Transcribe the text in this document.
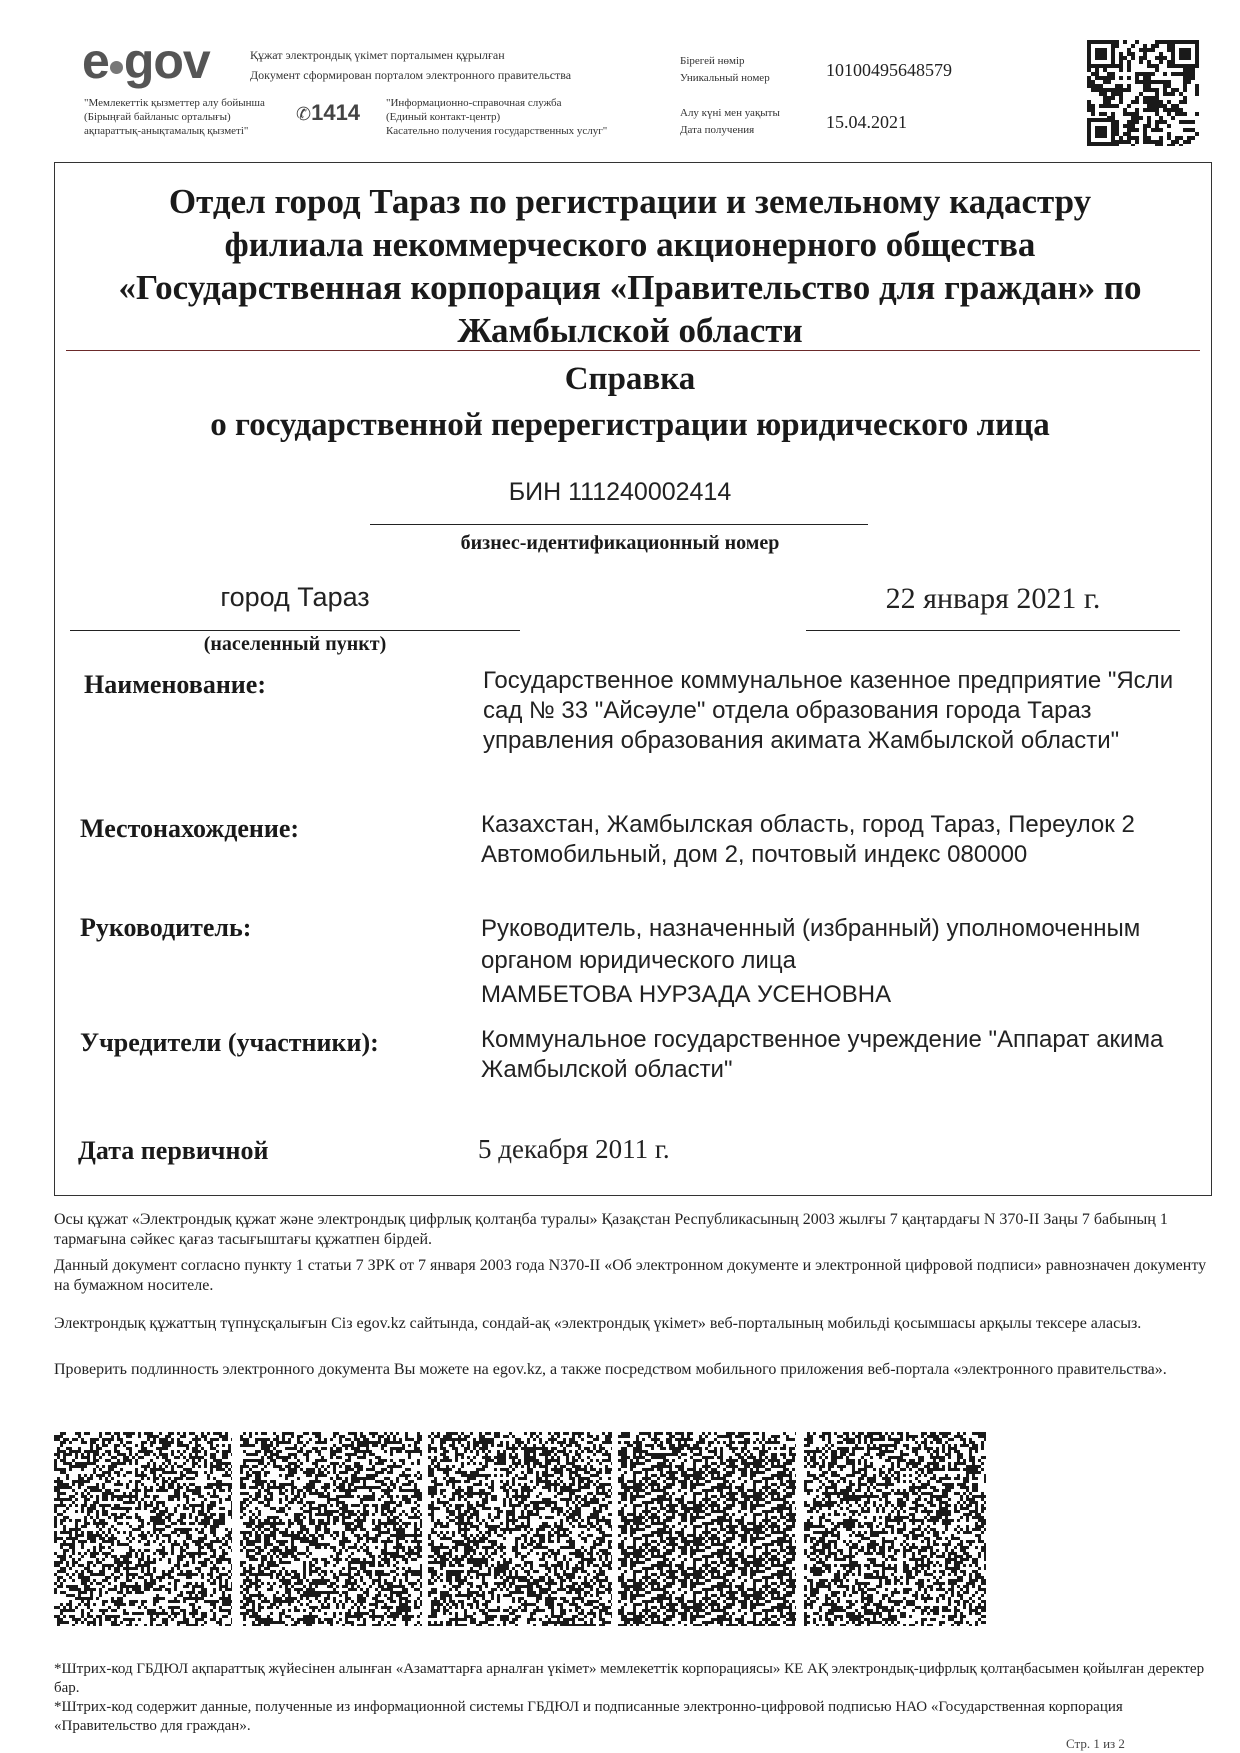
e gov	Құжат электрондық үкімет порталымен құрылған
Документ сформирован порталом электронного правительства
"Мемлекеттік қызметтер алу бойынша
(Бірыңғай байланыс орталығы)
ақпараттық-анықтамалық қызметі"
✆1414 "Информационно-справочная служба
(Единый контакт-центр)
Касательно получения государственных услуг"
Бірегей нөмір
Уникальный номер	10100495648579
Алу күні мен уақыты
Дата получения	15.04.2021
Отдел город Тараз по регистрации и земельному кадастру
филиала некоммерческого акционерного общества
«Государственная корпорация «Правительство для граждан» по
Жамбылской области
Справка
о государственной перерегистрации юридического лица
БИН 111240002414
бизнес-идентификационный номер
город Тараз
(населенный пункт)
22 января 2021 г.
Наименование:	Государственное коммунальное казенное предприятие "Ясли сад № 33 "Айсәуле" отдела образования города Тараз управления образования акимата Жамбылской области"
Местонахождение:	Казахстан, Жамбылская область, город Тараз, Переулок 2 Автомобильный, дом 2, почтовый индекс 080000
Руководитель:	Руководитель, назначенный (избранный) уполномоченным органом юридического лица
МАМБЕТОВА НУРЗАДА УСЕНОВНА
Учредители (участники):	Коммунальное государственное учреждение "Аппарат акима Жамбылской области"
Дата первичной	5 декабря 2011 г.
Осы құжат «Электрондық құжат және электрондық цифрлық қолтаңба туралы» Қазақстан Республикасының 2003 жылғы 7 қаңтардағы N 370-II Заңы 7 бабының 1 тармағына сәйкес қағаз тасығыштағы құжатпен бірдей.
Данный документ согласно пункту 1 статьи 7 ЗРК от 7 января 2003 года N370-II «Об электронном документе и электронной цифровой подписи» равнозначен документу на бумажном носителе.
Электрондық құжаттың түпнұсқалығын Сіз egov.kz сайтында, сондай-ақ «электрондық үкімет» веб-порталының мобильді қосымшасы арқылы тексере аласыз.
Проверить подлинность электронного документа Вы можете на egov.kz, а также посредством мобильного приложения веб-портала «электронного правительства».
*Штрих-код ГБДЮЛ ақпараттық жүйесінен алынған «Азаматтарға арналған үкімет» мемлекеттік корпорациясы» КЕ АҚ электрондық-цифрлық қолтаңбасымен қойылған деректер бар.
*Штрих-код содержит данные, полученные из информационной системы ГБДЮЛ и подписанные электронно-цифровой подписью НАО «Государственная корпорация «Правительство для граждан».
Стр. 1 из 2
